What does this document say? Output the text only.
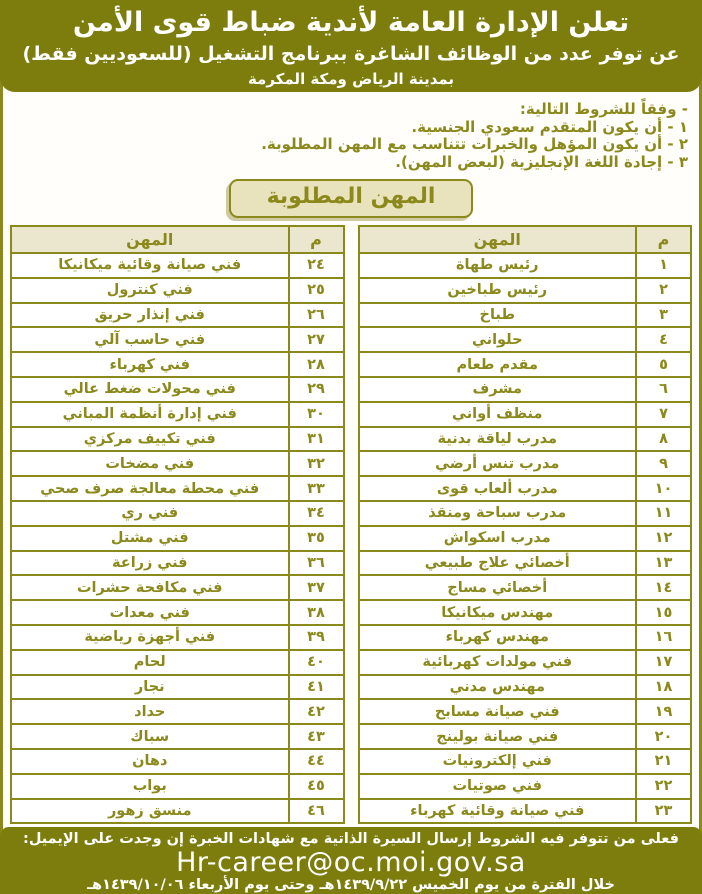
تعلن الإدارة العامة لأندية ضباط قوى الأمن
عن توفر عدد من الوظائف الشاغرة ببرنامج التشغيل (للسعوديين فقط)
بمدينة الرياض ومكة المكرمة
- وفقاً للشروط التالية:
١ - أن يكون المتقدم سعودي الجنسية.
٢ - أن يكون المؤهل والخبرات تتناسب مع المهن المطلوبة.
٣ - إجادة اللغة الإنجليزية (لبعض المهن).
المهن المطلوبة
م	المهن
١	رئيس طهاة
٢	رئيس طباخين
٣	طباخ
٤	حلواني
٥	مقدم طعام
٦	مشرف
٧	منظف أواني
٨	مدرب لياقة بدنية
٩	مدرب تنس أرضي
١٠	مدرب ألعاب قوى
١١	مدرب سباحة ومنقذ
١٢	مدرب اسكواش
١٣	أخصائي علاج طبيعي
١٤	أخصائي مساج
١٥	مهندس ميكانيكا
١٦	مهندس كهرباء
١٧	فني مولدات كهربائية
١٨	مهندس مدني
١٩	فني صيانة مسابح
٢٠	فني صيانة بولينج
٢١	فني إلكترونيات
٢٢	فني صوتيات
٢٣	فني صيانة وقائية كهرباء
م	المهن
٢٤	فني صيانة وقائية ميكانيكا
٢٥	فني كنترول
٢٦	فني إنذار حريق
٢٧	فني حاسب آلي
٢٨	فني كهرباء
٢٩	فني محولات ضغط عالي
٣٠	فني إدارة أنظمة المباني
٣١	فني تكييف مركزي
٣٢	فني مضخات
٣٣	فني محطة معالجة صرف صحي
٣٤	فني ري
٣٥	فني مشتل
٣٦	فني زراعة
٣٧	فني مكافحة حشرات
٣٨	فني معدات
٣٩	فني أجهزة رياضية
٤٠	لحام
٤١	نجار
٤٢	حداد
٤٣	سباك
٤٤	دهان
٤٥	بواب
٤٦	منسق زهور
فعلى من تتوفر فيه الشروط إرسال السيرة الذاتية مع شهادات الخبرة إن وجدت على الإيميل:
Hr-career@oc.moi.gov.sa
خلال الفترة من يوم الخميس ١٤٣٩/٩/٢٢هـ وحتى يوم الأربعاء ١٤٣٩/١٠/٠٦هـ
